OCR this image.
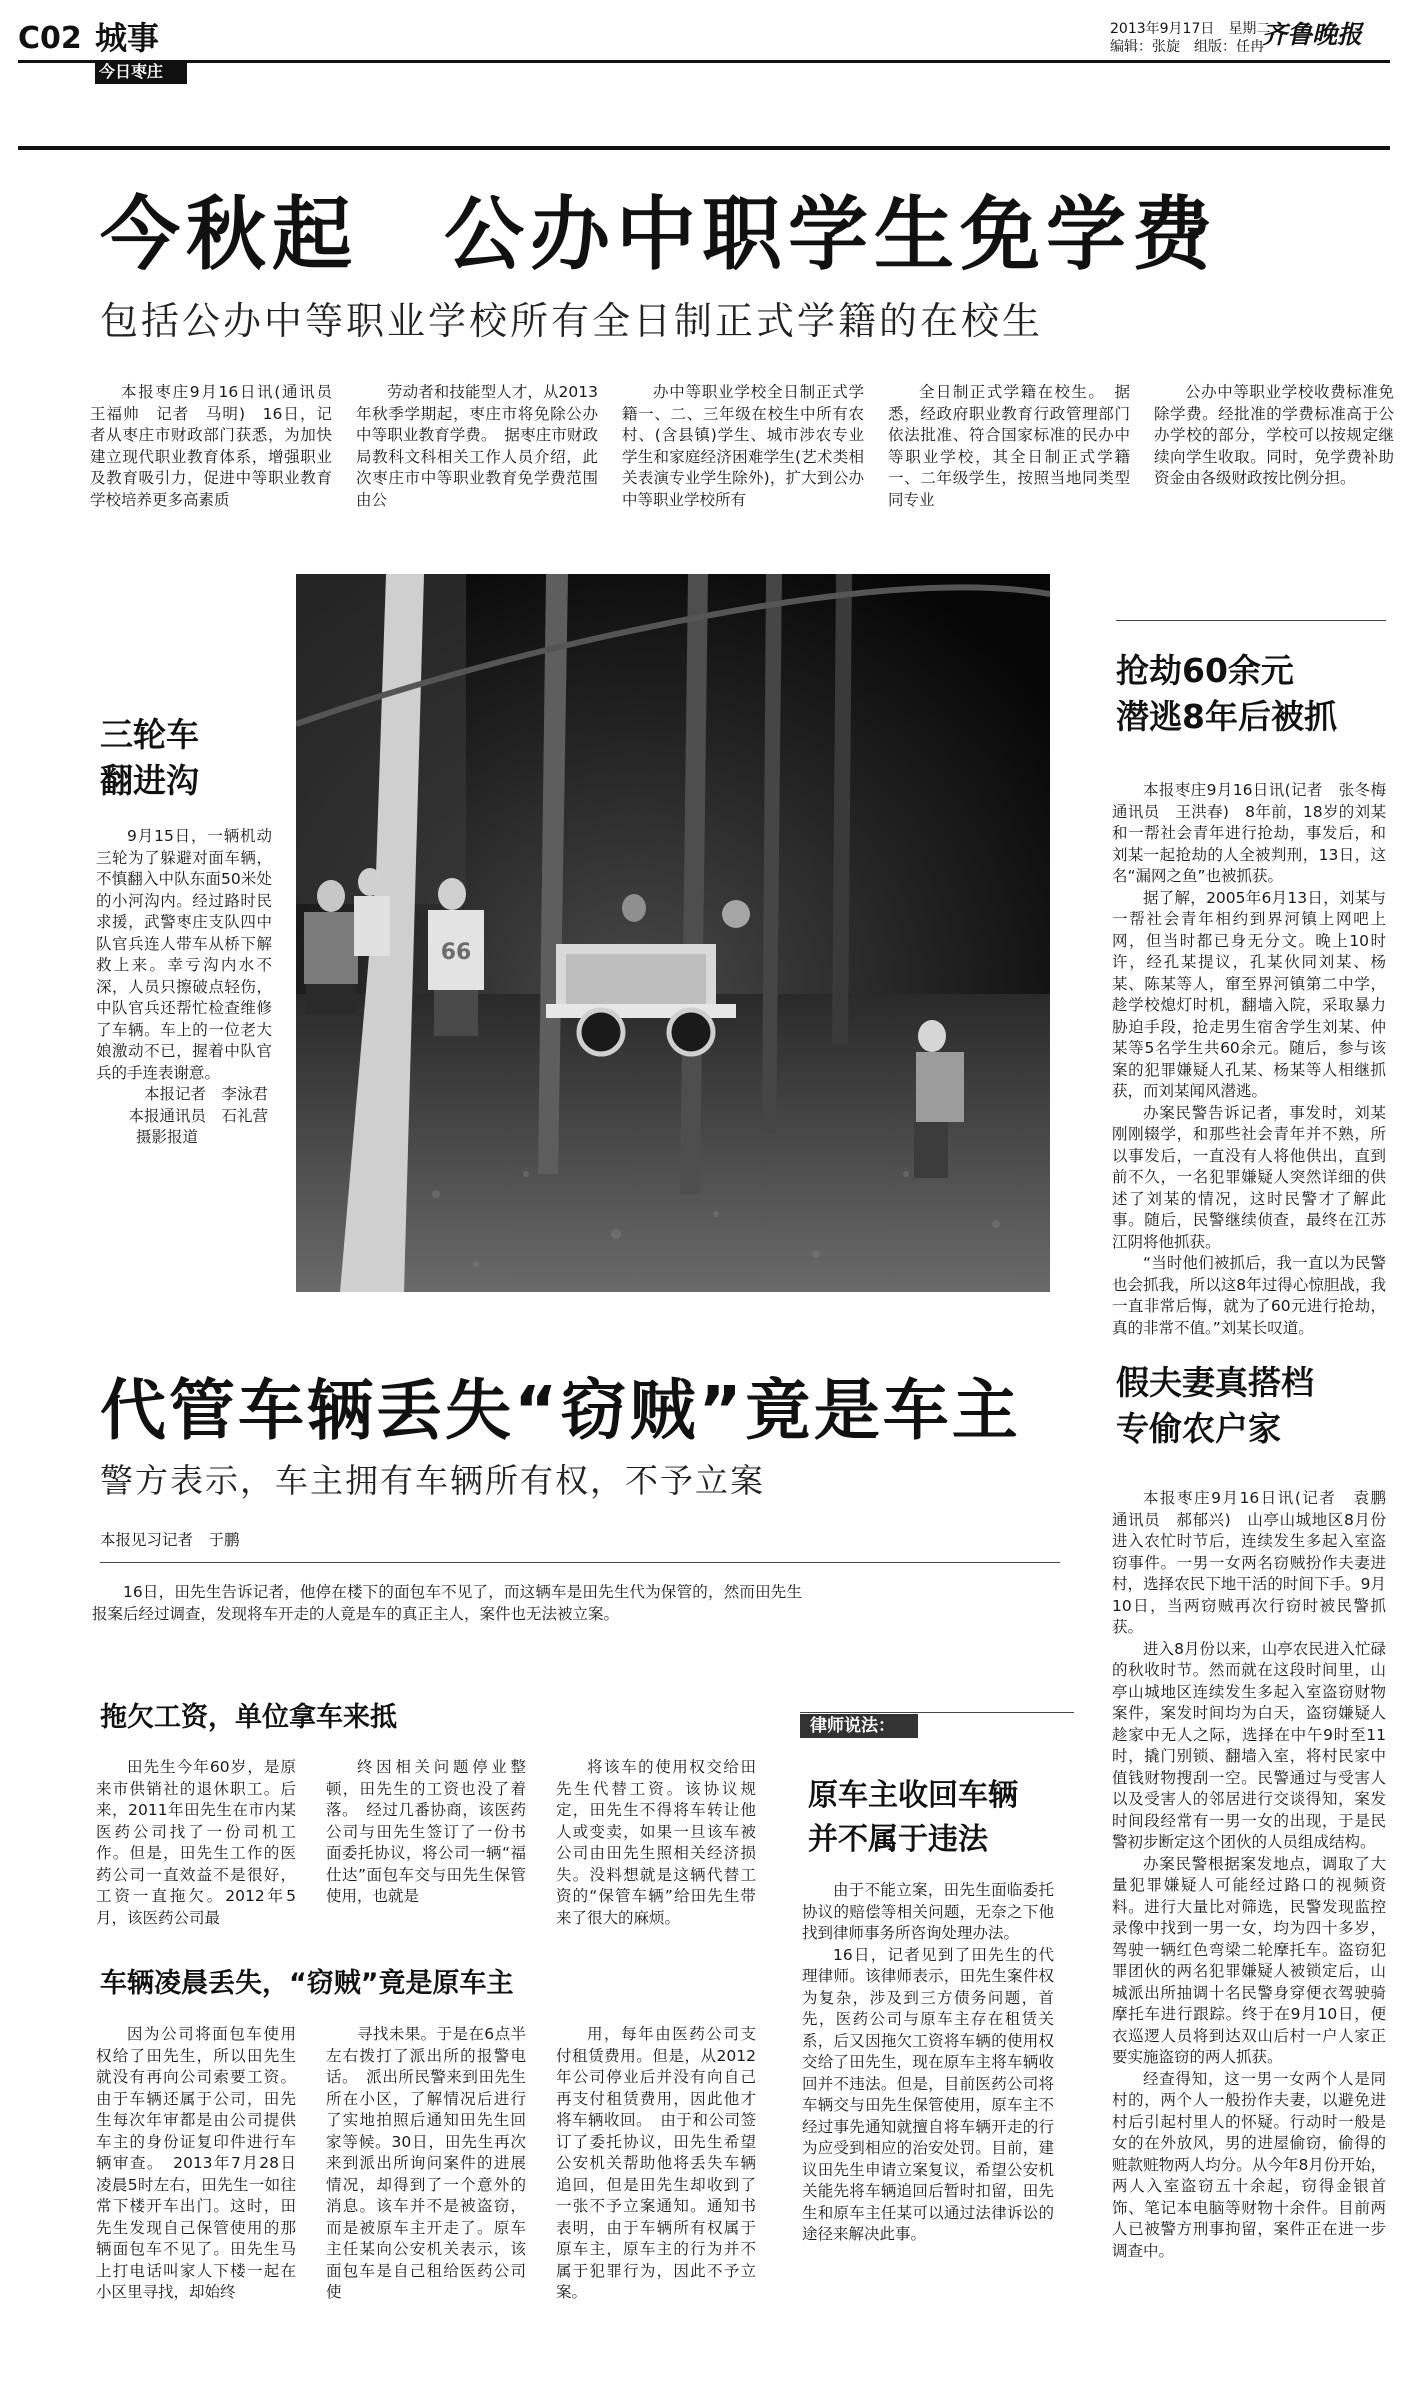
C02 城事
今日枣庄
2013年9月17日　星期二
编辑：张旋　组版：任冉
齐鲁晚报
今秋起　公办中职学生免学费
包括公办中等职业学校所有全日制正式学籍的在校生

本报枣庄9月16日讯(通讯员　王福帅　记者　马明)　16日，记者从枣庄市财政部门获悉，为加快建立现代职业教育体系，增强职业及教育吸引力，促进中等职业教育学校培养更多高素质

劳动者和技能型人才，从2013年秋季学期起，枣庄市将免除公办中等职业教育学费。　据枣庄市财政局教科文科相关工作人员介绍，此次枣庄市中等职业教育免学费范围由公

办中等职业学校全日制正式学籍一、二、三年级在校生中所有农村、(含县镇)学生、城市涉农专业学生和家庭经济困难学生(艺术类相关表演专业学生除外)，扩大到公办中等职业学校所有

全日制正式学籍在校生。　据悉，经政府职业教育行政管理部门依法批准、符合国家标准的民办中等职业学校，其全日制正式学籍一、二年级学生，按照当地同类型同专业

公办中等职业学校收费标准免除学费。经批准的学费标准高于公办学校的部分，学校可以按规定继续向学生收取。同时，免学费补助资金由各级财政按比例分担。

三轮车
翻进沟

9月15日，一辆机动三轮为了躲避对面车辆，不慎翻入中队东面50米处的小河沟内。经过路时民求援，武警枣庄支队四中队官兵连人带车从桥下解救上来。幸亏沟内水不深，人员只擦破点轻伤，中队官兵还帮忙检查维修了车辆。车上的一位老大娘激动不已，握着中队官兵的手连表谢意。

本报记者　李泳君
本报通讯员　石礼营
摄影报道
66
抢劫60余元
潜逃8年后被抓

本报枣庄9月16日讯(记者　张冬梅　通讯员　王洪春)　8年前，18岁的刘某和一帮社会青年进行抢劫，事发后，和刘某一起抢劫的人全被判刑，13日，这名“漏网之鱼”也被抓获。

据了解，2005年6月13日，刘某与一帮社会青年相约到界河镇上网吧上网，但当时都已身无分文。晚上10时许，经孔某提议，孔某伙同刘某、杨某、陈某等人，窜至界河镇第二中学，趁学校熄灯时机，翻墙入院，采取暴力胁迫手段，抢走男生宿舍学生刘某、仲某等5名学生共60余元。随后，参与该案的犯罪嫌疑人孔某、杨某等人相继抓获，而刘某闻风潜逃。

办案民警告诉记者，事发时，刘某刚刚辍学，和那些社会青年并不熟，所以事发后，一直没有人将他供出，直到前不久，一名犯罪嫌疑人突然详细的供述了刘某的情况，这时民警才了解此事。随后，民警继续侦查，最终在江苏江阴将他抓获。

“当时他们被抓后，我一直以为民警也会抓我，所以这8年过得心惊胆战，我一直非常后悔，就为了60元进行抢劫，真的非常不值。”刘某长叹道。

假夫妻真搭档
专偷农户家

本报枣庄9月16日讯(记者　袁鹏　通讯员　郝郁兴)　山亭山城地区8月份进入农忙时节后，连续发生多起入室盗窃事件。一男一女两名窃贼扮作夫妻进村，选择农民下地干活的时间下手。9月10日，当两窃贼再次行窃时被民警抓获。

进入8月份以来，山亭农民进入忙碌的秋收时节。然而就在这段时间里，山亭山城地区连续发生多起入室盗窃财物案件，案发时间均为白天，盗窃嫌疑人趁家中无人之际，选择在中午9时至11时，撬门别锁、翻墙入室，将村民家中值钱财物搜刮一空。民警通过与受害人以及受害人的邻居进行交谈得知，案发时间段经常有一男一女的出现，于是民警初步断定这个团伙的人员组成结构。

办案民警根据案发地点，调取了大量犯罪嫌疑人可能经过路口的视频资料。进行大量比对筛选，民警发现监控录像中找到一男一女，均为四十多岁，驾驶一辆红色弯梁二轮摩托车。盗窃犯罪团伙的两名犯罪嫌疑人被锁定后，山城派出所抽调十名民警身穿便衣驾驶骑摩托车进行跟踪。终于在9月10日，便衣巡逻人员将到达双山后村一户人家正要实施盗窃的两人抓获。

经查得知，这一男一女两个人是同村的，两个人一般扮作夫妻，以避免进村后引起村里人的怀疑。行动时一般是女的在外放风，男的进屋偷窃，偷得的赃款赃物两人均分。从今年8月份开始，两人入室盗窃五十余起，窃得金银首饰、笔记本电脑等财物十余件。目前两人已被警方刑事拘留，案件正在进一步调查中。

代管车辆丢失“窃贼”竟是车主
警方表示，车主拥有车辆所有权，不予立案
本报见习记者　于鹏

16日，田先生告诉记者，他停在楼下的面包车不见了，而这辆车是田先生代为保管的，然而田先生报案后经过调查，发现将车开走的人竟是车的真正主人，案件也无法被立案。

拖欠工资，单位拿车来抵

田先生今年60岁，是原来市供销社的退休职工。后来，2011年田先生在市内某医药公司找了一份司机工作。但是，田先生工作的医药公司一直效益不是很好，工资一直拖欠。2012年5月，该医药公司最

终因相关问题停业整顿，田先生的工资也没了着落。　经过几番协商，该医药公司与田先生签订了一份书面委托协议，将公司一辆“福仕达”面包车交与田先生保管使用，也就是

将该车的使用权交给田先生代替工资。该协议规定，田先生不得将车转让他人或变卖，如果一旦该车被公司由田先生照相关经济损失。没料想就是这辆代替工资的“保管车辆”给田先生带来了很大的麻烦。

车辆凌晨丢失，“窃贼”竟是原车主

因为公司将面包车使用权给了田先生，所以田先生就没有再向公司索要工资。由于车辆还属于公司，田先生每次年审都是由公司提供车主的身份证复印件进行车辆审查。　2013年7月28日凌晨5时左右，田先生一如往常下楼开车出门。这时，田先生发现自己保管使用的那辆面包车不见了。田先生马上打电话叫家人下楼一起在小区里寻找，却始终

寻找未果。于是在6点半左右拨打了派出所的报警电话。　派出所民警来到田先生所在小区，了解情况后进行了实地拍照后通知田先生回家等候。30日，田先生再次来到派出所询问案件的进展情况，却得到了一个意外的消息。该车并不是被盗窃，而是被原车主开走了。原车主任某向公安机关表示，该面包车是自己租给医药公司使

用，每年由医药公司支付租赁费用。但是，从2012年公司停业后并没有向自己再支付租赁费用，因此他才将车辆收回。　由于和公司签订了委托协议，田先生希望公安机关帮助他将丢失车辆追回，但是田先生却收到了一张不予立案通知。通知书表明，由于车辆所有权属于原车主，原车主的行为并不属于犯罪行为，因此不予立案。

律师说法：
原车主收回车辆
并不属于违法

由于不能立案，田先生面临委托协议的赔偿等相关问题，无奈之下他找到律师事务所咨询处理办法。

16日，记者见到了田先生的代理律师。该律师表示，田先生案件权为复杂，涉及到三方债务问题，首先，医药公司与原车主存在租赁关系，后又因拖欠工资将车辆的使用权交给了田先生，现在原车主将车辆收回并不违法。但是，目前医药公司将车辆交与田先生保管使用，原车主不经过事先通知就擅自将车辆开走的行为应受到相应的治安处罚。目前，建议田先生申请立案复议，希望公安机关能先将车辆追回后暂时扣留，田先生和原车主任某可以通过法律诉讼的途径来解决此事。
